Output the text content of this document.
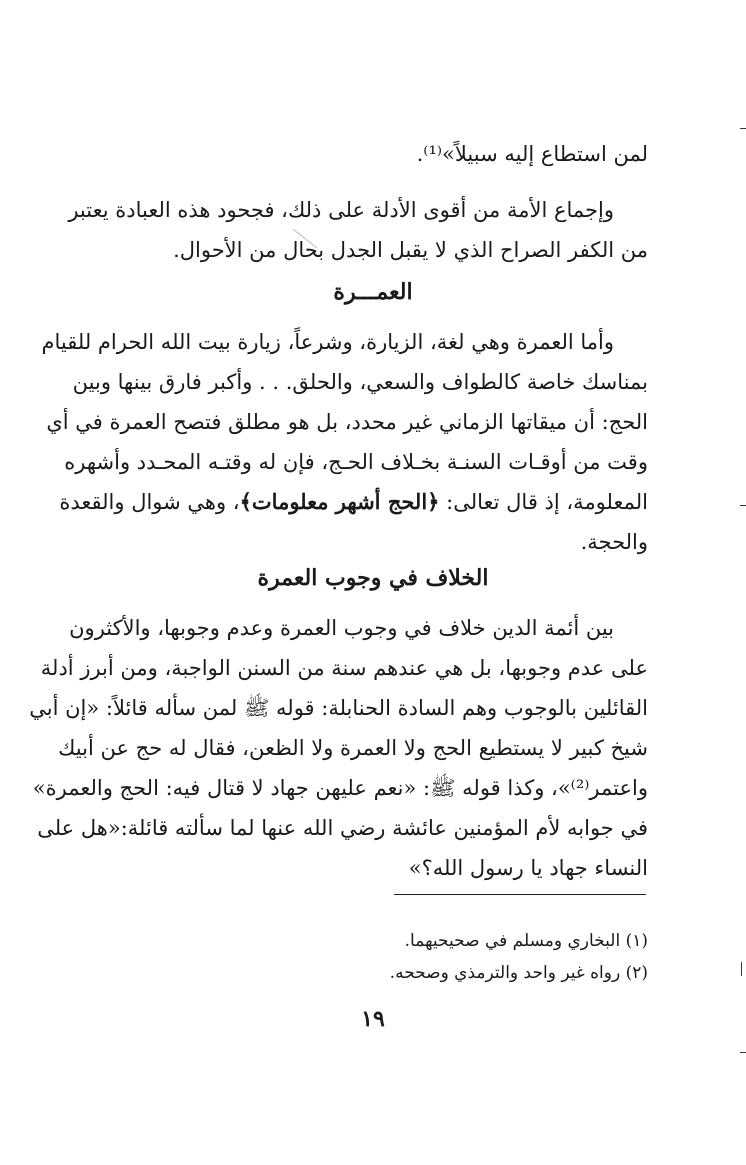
لمن استطاع إليه سبيلاً»⁽¹⁾.
وإجماع الأمة من أقوى الأدلة على ذلك، فجحود هذه العبادة يعتبر
من الكفر الصراح الذي لا يقبل الجدل بحال من الأحوال.
العمـــرة
وأما العمرة وهي لغة، الزيارة، وشرعاً، زيارة بيت الله الحرام للقيام
بمناسك خاصة كالطواف والسعي، والحلق. . . وأكبر فارق بينها وبين
الحج: أن ميقاتها الزماني غير محدد، بل هو مطلق فتصح العمرة في أي
وقت من أوقـات السنـة بخـلاف الحـج، فإن له وقتـه المحـدد وأشهره
المعلومة، إذ قال تعالى: ﴿الحج أشهر معلومات﴾، وهي شوال والقعدة
والحجة.
الخلاف في وجوب العمرة
بين أئمة الدين خلاف في وجوب العمرة وعدم وجوبها، والأكثرون
على عدم وجوبها، بل هي عندهم سنة من السنن الواجبة، ومن أبرز أدلة
القائلين بالوجوب وهم السادة الحنابلة: قوله ﷺ لمن سأله قائلاً: «إن أبي
شيخ كبير لا يستطيع الحج ولا العمرة ولا الظعن، فقال له حج عن أبيك
واعتمر⁽²⁾»، وكذا قوله ﷺ: «نعم عليهن جهاد لا قتال فيه: الحج والعمرة»
في جوابه لأم المؤمنين عائشة رضي الله عنها لما سألته قائلة:«هل على
النساء جهاد يا رسول الله؟»
(١) البخاري ومسلم في صحيحيهما.
(٢) رواه غير واحد والترمذي وصححه.
١٩
